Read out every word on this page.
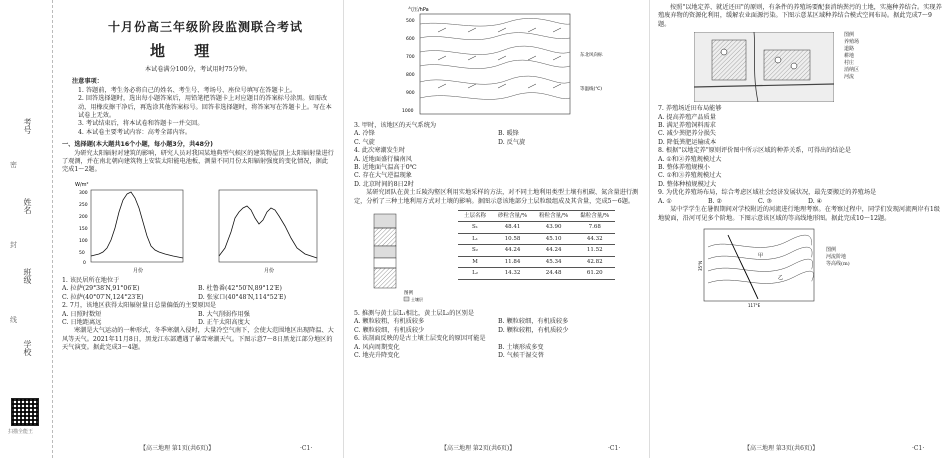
考号
姓名
班级
学校
密
封
线
扫描全能王
十月份高三年级阶段监测联合考试
地 理
本试卷满分100分，考试用时75分钟。
注意事项：
1. 答题前，考生务必将自己的姓名、考生号、考场号、座位号填写在答题卡上。
2. 回答选择题时，选出每小题答案后，用铅笔把答题卡上对应题目的答案标号涂黑。如需改动，用橡皮擦干净后，再选涂其他答案标号。回答非选择题时，将答案写在答题卡上。写在本试卷上无效。
3. 考试结束后，将本试卷和答题卡一并交回。
4. 本试卷主要考试内容：高考全部内容。
一、选择题(本大题共16个小题，每小题3分，共48分)
为研究太阳辐射对建筑的影响，研究人员对我国某地典型气候区的建筑物屋顶上太阳辐射量进行了观测，并在南北朝向建筑物上安装太阳能电池板，测量不同月份太阳辐射强度的变化情况，据此完成1～2题。
W/m²
300
250
200
150
100
50
0
月份	月份
1. 该民居所在地位于
A. 拉萨(29°38′N,91°06′E)	B. 杜鲁番(42°50′N,89°12′E)
C. 拉萨(40°07′N,124°23′E)	D. 张家口(40°48′N,114°52′E)
2. 7月，该地区获得太阳辐射量日总量偏低的主要原因是
A. 日照时数短	B. 大气削弱作用强
C. 日地距离远	D. 正午太阳高度大
寒潮是大气运动的一种形式，冬季寒潮入侵时，大量冷空气南下，会使大范围地区出现降温、大风等天气。2021年11月8日，黑龙江东部遭遇了暴雪寒潮天气。下图示意7～8日黑龙江部分地区的天气演变。据此完成3～4题。
【高三地理 第1页(共6页)】	·C1·
气压/hPa
500
600
700
800
900
1000
东北风向标
等温线(℃)
3. 甲时，该地区的天气系统为
A. 冷锋	B. 暖锋
C. 气旋	D. 反气旋
4. 此次寒潮发生时
A. 近地面盛行偏南风
B. 近地面气温高于0℃
C. 存在大气逆温现象
D. 北京时间的8日2时
某研究团队在黄土丘陵沟壑区利用实地采样的方法，对不同土地利用类型土壤有机碳、氮含量进行测定，分析了三种土地利用方式对土壤的影响。据图示意该地部分土层粒级组成及其含量，完成5～6题。
图例
土壤层
土层名称	砂粒含量/%	粉粒含量/%	黏粒含量/%
S₁	48.41	43.90	7.68
L₁	10.58	45.10	44.32
S₂	44.24	44.24	11.52
M	11.84	45.34	42.82
L₂	14.32	24.48	61.20
5. 推测与黄土层L₁相比，黄土层L₂的区别是
A. 颗粒较粗，有机质较多	B. 颗粒较细，有机质较多
C. 颗粒较细，有机质较少	D. 颗粒较粗，有机质较少
6. 该剖面反映的是古土壤土层变化的原因可能是
A. 风向周期变化	B. 土壤形成多变
C. 地壳升降变化	D. 气候干湿交替
【高三地理 第2页(共6页)】	·C1·
按照"以地定养、就近还田"的原则，有条件的养殖场要配套消纳粪污的土地，实施种养结合。实现养殖废弃物的资源化利用，缓解农业面源污染。下图示意某区域种养结合模式空间布局。据此完成7～9题。
图例
养殖场
道路
耕地
村庄
消纳区
河流
7. 养殖场近田布局能够
A. 提高养殖产品质量
B. 满足养殖饲料需求
C. 减少粪肥养分损失
D. 降低粪肥运输成本
8. 根据"以地定养"原则评价图中所示区域的种养关系，可得出的结论是
A. ①和②养殖规模过大
B. 整体养殖规模小
C. ①和③养殖规模过大
D. 整体种植规模过大
9. 为优化养殖场布局，综合考虑区域社会经济发展状况，最先要搬迁的养殖场是
A. ①	B. ②	C. ③	D. ④
某中学学生在暑假期间对学校附近的河流进行地理考察。在考察过程中，同学们发现河流两岸有1级地貌面，沿河可见多个阶地。下图示意该区域的等高线地形图。据此完成10～12题。
甲
乙
35°N
117°E
图例
河流阶地
等高线(m)
【高三地理 第3页(共6页)】	·C1·
